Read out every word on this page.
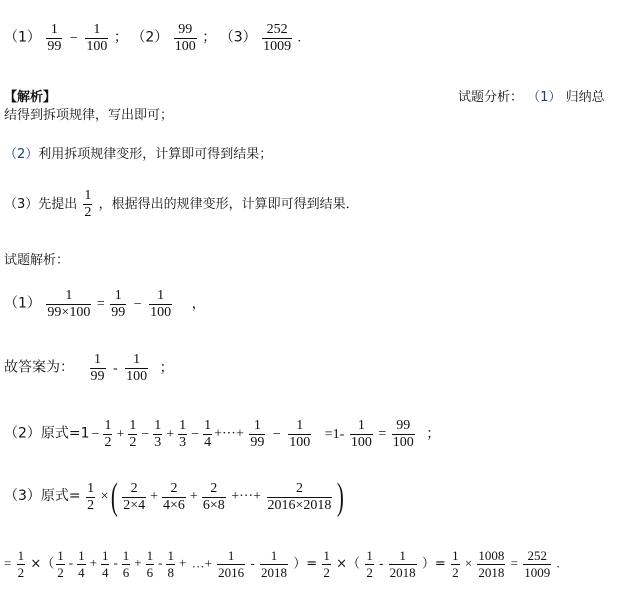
$(1) \frac{1}{99} - \frac{1}{100}$ ； $(2) \frac{99}{100}$ ； $(3) \frac{252}{1009}$ .
【解析】	试题分析： （1） 归纳总
结得到拆项规律，写出即可；
（2）利用拆项规律变形，计算即可得到结果；
（3）先提出 $\frac{1}{2}$ ，根据得出的规律变形，计算即可得到结果．
试题解析：
$(1) \frac{1}{99\times 100} = \frac{1}{99} - \frac{1}{100}$ ，
故答案为： $\frac{1}{99} - \frac{1}{100}$ ；
（2）原式$=1 - \frac{1}{2} + \frac{1}{2} - \frac{1}{3} + \frac{1}{3} - \frac{1}{4}$ +···+ $\frac{1}{99} - \frac{1}{100} =1- \frac{1}{100} = \frac{99}{100}$ ；
（3）原式= $\frac{1}{2}$ × ( $\frac{2}{2\times 4} + \frac{2}{4\times 6} + \frac{2}{6\times 8}$ +···+ $\frac{2}{2016\times 2018}$ )
= $\frac{1}{2}$ ×（ $\frac{1}{2} - \frac{1}{4} + \frac{1}{4} - \frac{1}{6} + \frac{1}{6} - \frac{1}{8}$ + …+ $\frac{1}{2016} - \frac{1}{2018}$ ）= $\frac{1}{2}$ ×（ $\frac{1}{2} - \frac{1}{2018}$ ）= $\frac{1}{2} \times \frac{1008}{2018} = \frac{252}{1009}$ .
